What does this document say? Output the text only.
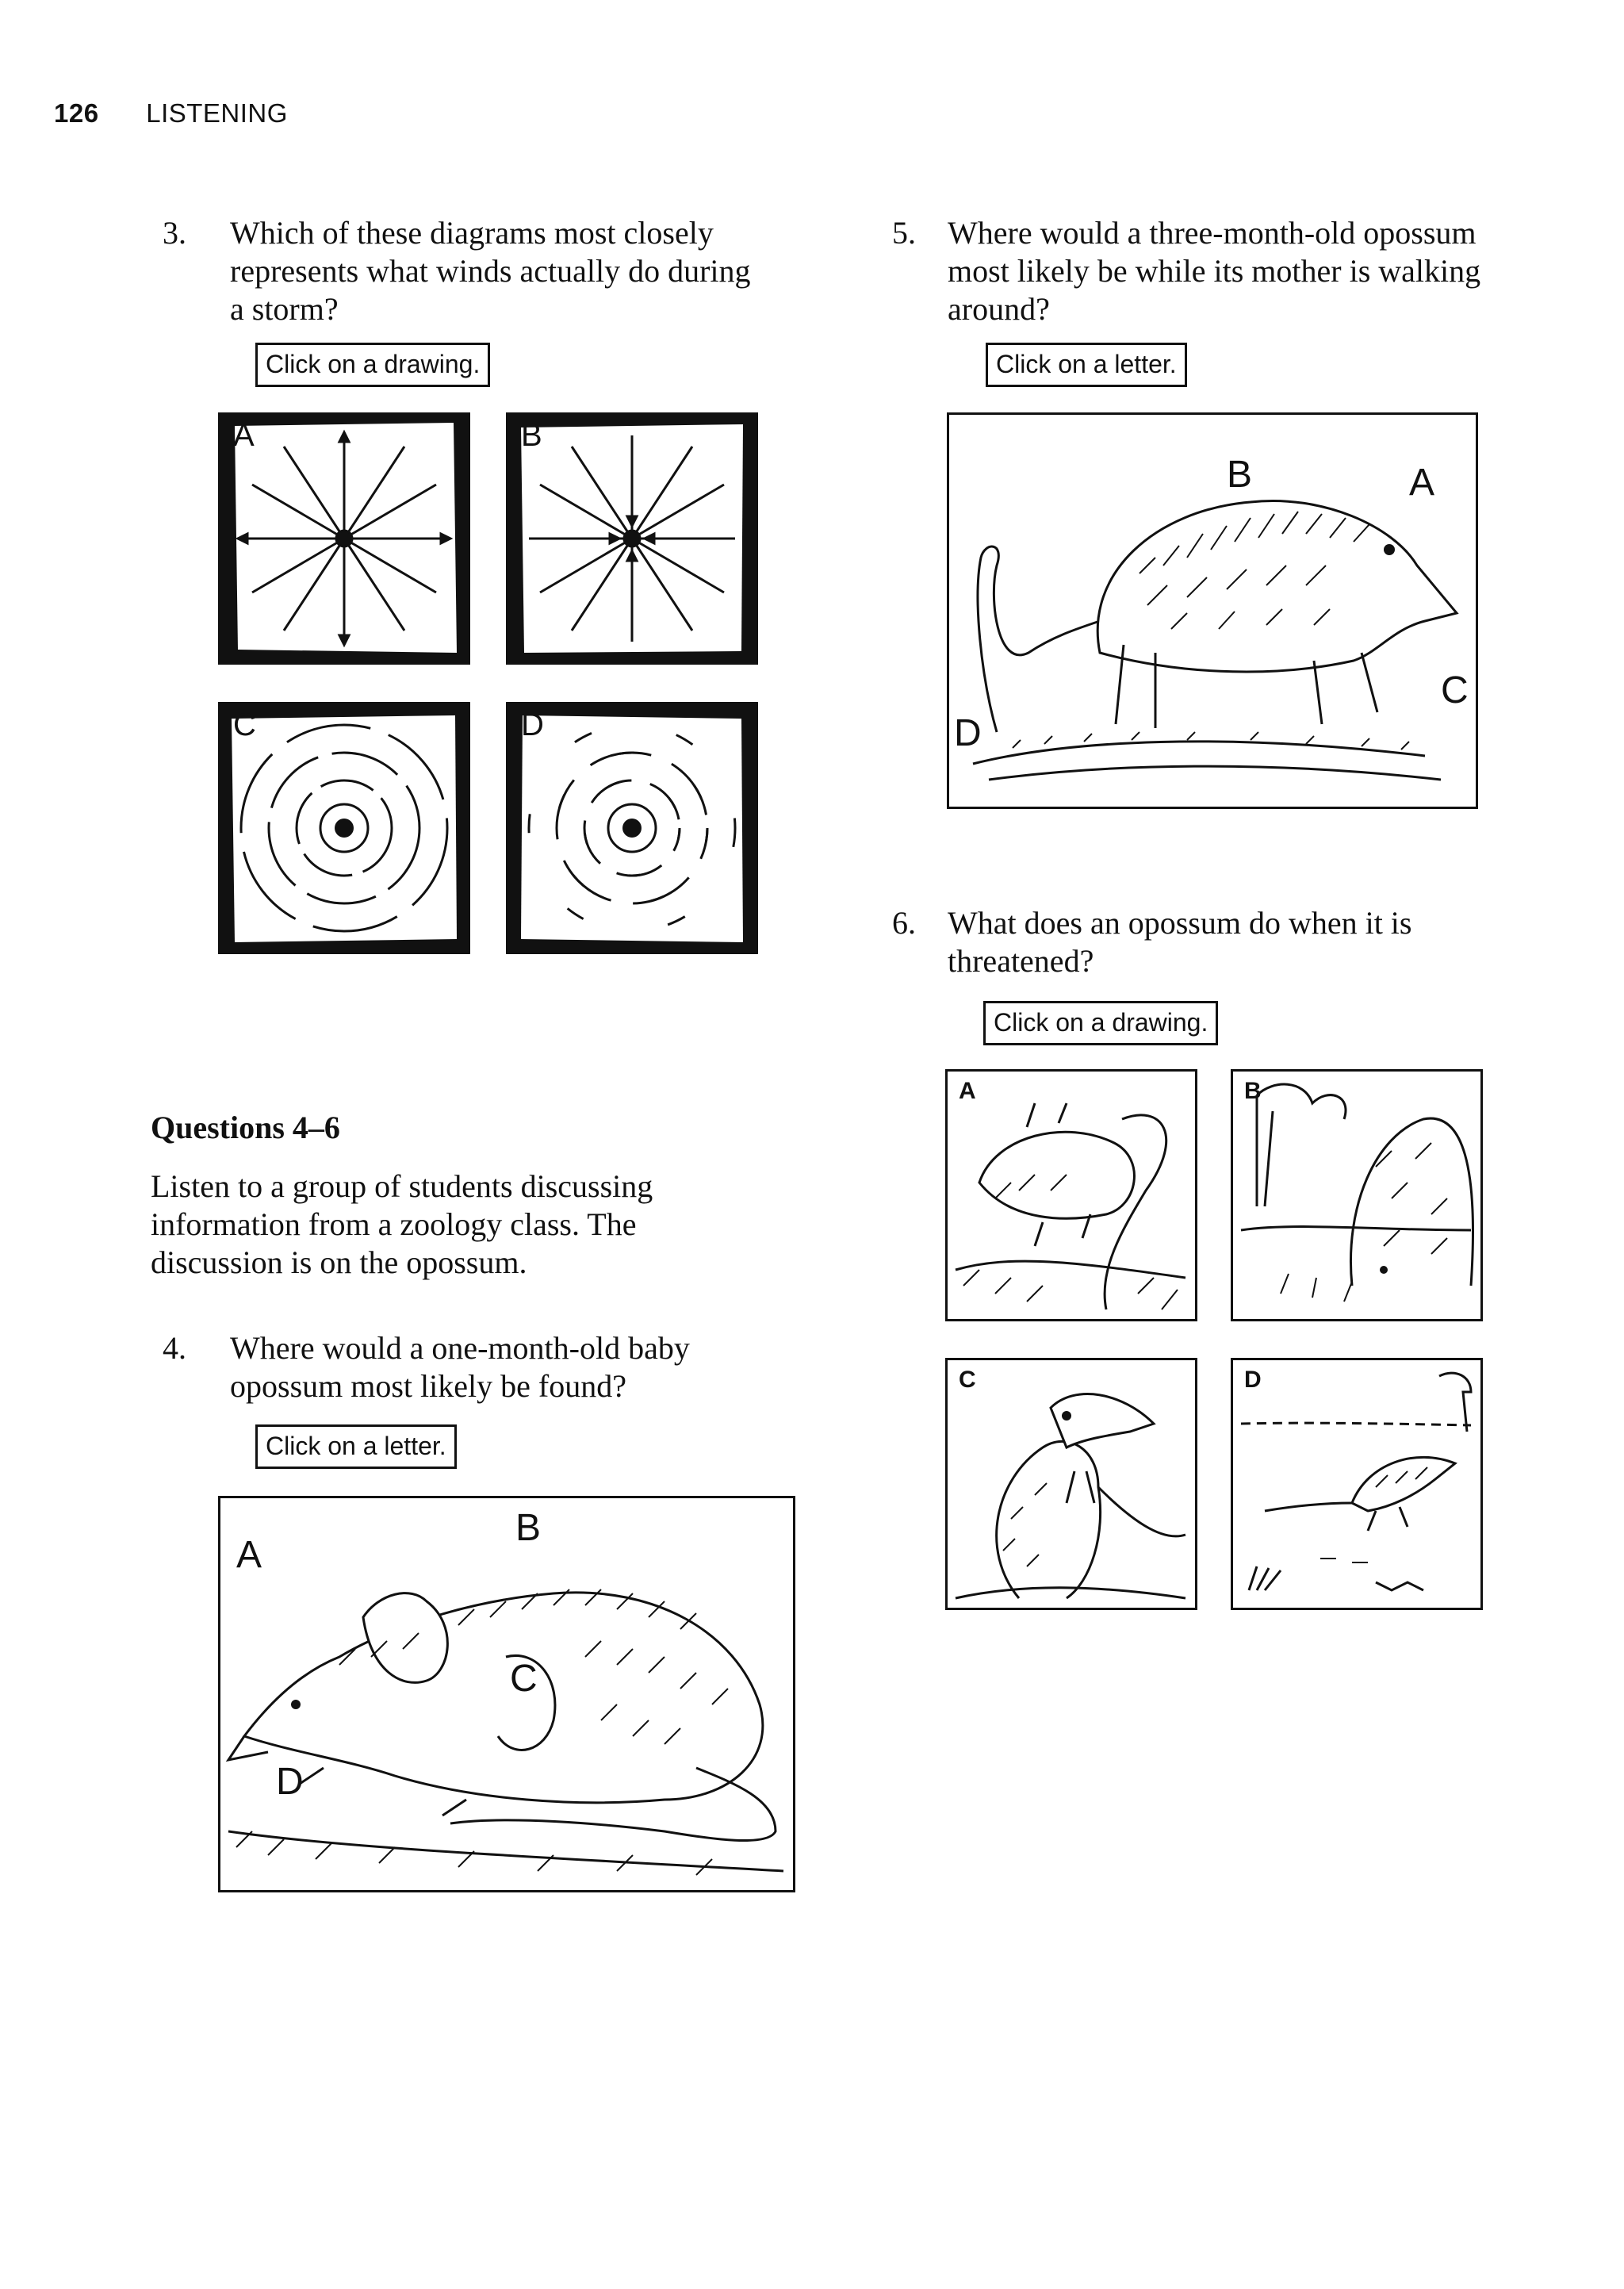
126 LISTENING
3. Which of these diagrams most closely
represents what winds actually do during
a storm?
Click on a drawing.
A	B
C	D
5. Where would a three-month-old opossum
most likely be while its mother is walking
around?
Click on a letter.
B	A
C
D
6. What does an opossum do when it is
threatened?
Click on a drawing.
A	B
C	D
Questions 4–6
Listen to a group of students discussing
information from a zoology class. The
discussion is on the opossum.
4. Where would a one-month-old baby
opossum most likely be found?
Click on a letter.
A
B
C
D
